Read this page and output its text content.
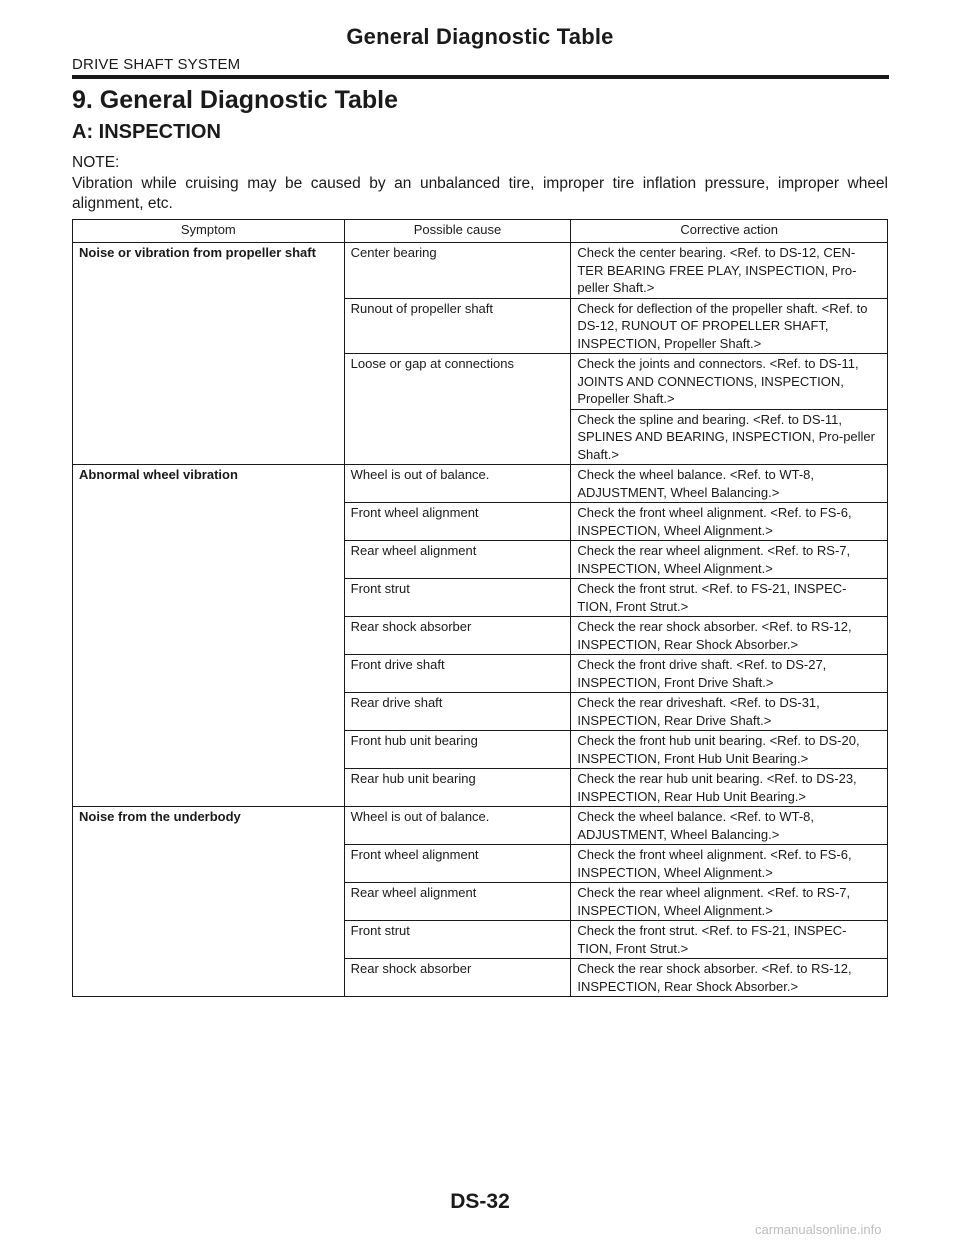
General Diagnostic Table
DRIVE SHAFT SYSTEM
9. General Diagnostic Table
A: INSPECTION
NOTE:
Vibration while cruising may be caused by an unbalanced tire, improper tire inflation pressure, improper wheel alignment, etc.
Symptom	Possible cause	Corrective action
Noise or vibration from propeller shaft	Center bearing	Check the center bearing. <Ref. to DS-12, CEN-TER BEARING FREE PLAY, INSPECTION, Pro-peller Shaft.>
	Runout of propeller shaft	Check for deflection of the propeller shaft. <Ref. to DS-12, RUNOUT OF PROPELLER SHAFT, INSPECTION, Propeller Shaft.>
	Loose or gap at connections	Check the joints and connectors. <Ref. to DS-11, JOINTS AND CONNECTIONS, INSPECTION, Propeller Shaft.>
		Check the spline and bearing. <Ref. to DS-11, SPLINES AND BEARING, INSPECTION, Pro-peller Shaft.>
Abnormal wheel vibration	Wheel is out of balance.	Check the wheel balance. <Ref. to WT-8, ADJUSTMENT, Wheel Balancing.>
	Front wheel alignment	Check the front wheel alignment. <Ref. to FS-6, INSPECTION, Wheel Alignment.>
	Rear wheel alignment	Check the rear wheel alignment. <Ref. to RS-7, INSPECTION, Wheel Alignment.>
	Front strut	Check the front strut. <Ref. to FS-21, INSPEC-TION, Front Strut.>
	Rear shock absorber	Check the rear shock absorber. <Ref. to RS-12, INSPECTION, Rear Shock Absorber.>
	Front drive shaft	Check the front drive shaft. <Ref. to DS-27, INSPECTION, Front Drive Shaft.>
	Rear drive shaft	Check the rear driveshaft. <Ref. to DS-31, INSPECTION, Rear Drive Shaft.>
	Front hub unit bearing	Check the front hub unit bearing. <Ref. to DS-20, INSPECTION, Front Hub Unit Bearing.>
	Rear hub unit bearing	Check the rear hub unit bearing. <Ref. to DS-23, INSPECTION, Rear Hub Unit Bearing.>
Noise from the underbody	Wheel is out of balance.	Check the wheel balance. <Ref. to WT-8, ADJUSTMENT, Wheel Balancing.>
	Front wheel alignment	Check the front wheel alignment. <Ref. to FS-6, INSPECTION, Wheel Alignment.>
	Rear wheel alignment	Check the rear wheel alignment. <Ref. to RS-7, INSPECTION, Wheel Alignment.>
	Front strut	Check the front strut. <Ref. to FS-21, INSPEC-TION, Front Strut.>
	Rear shock absorber	Check the rear shock absorber. <Ref. to RS-12, INSPECTION, Rear Shock Absorber.>
DS-32
carmanualsonline.info
